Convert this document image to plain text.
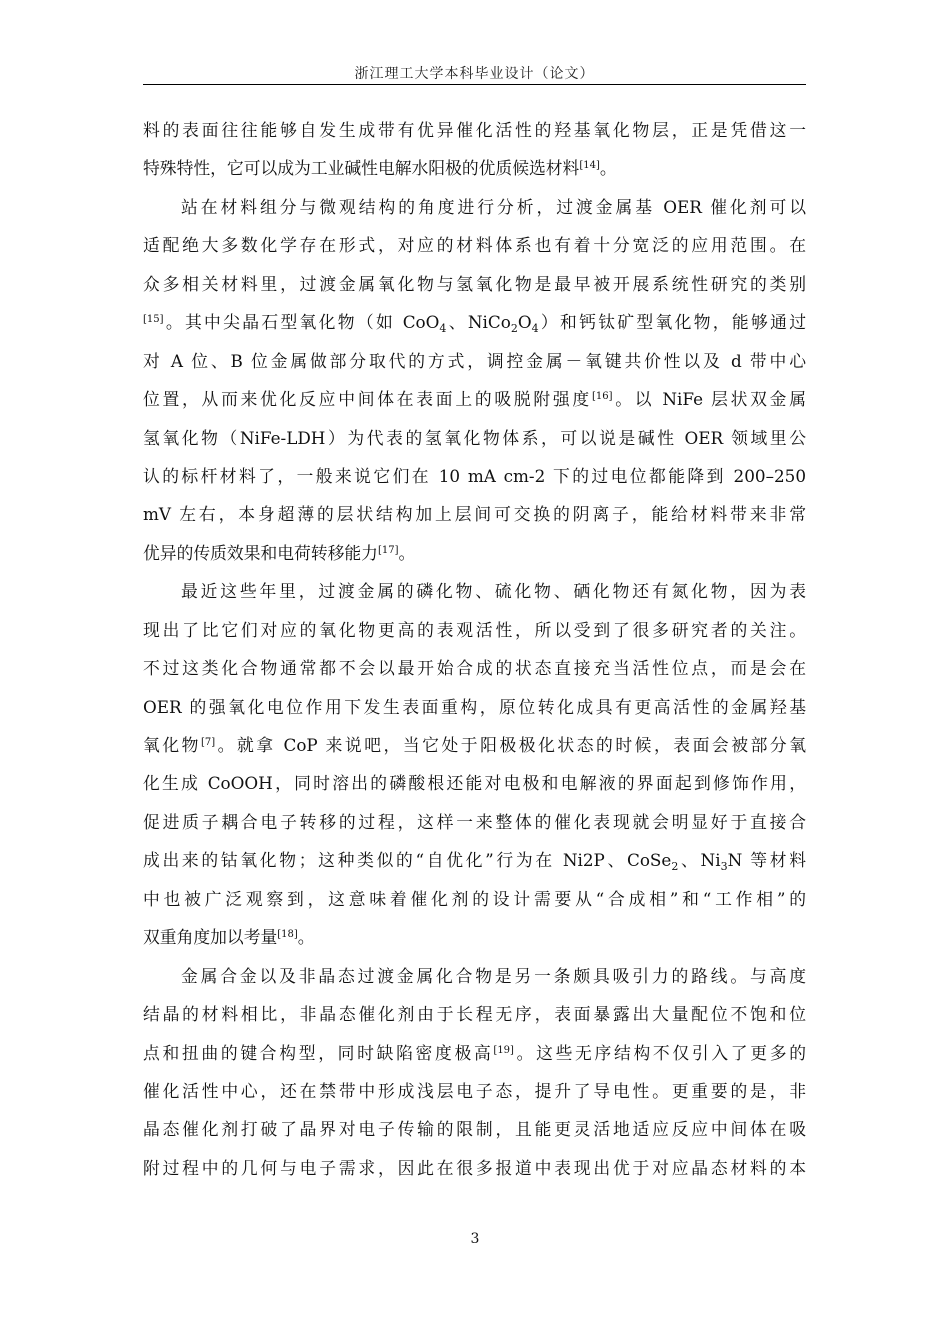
浙江理工大学本科毕业设计（论文）
料的表面往往能够自发生成带有优异催化活性的羟基氧化物层，正是凭借这一
特殊特性，它可以成为工业碱性电解水阳极的优质候选材料[14]。
站在材料组分与微观结构的角度进行分析，过渡金属基 OER 催化剂可以
适配绝大多数化学存在形式，对应的材料体系也有着十分宽泛的应用范围。在
众多相关材料里，过渡金属氧化物与氢氧化物是最早被开展系统性研究的类别
[15]。其中尖晶石型氧化物（如 CoO$_4$、$NiCo_2O_4$）和钙钛矿型氧化物，能够通过
对 A 位、B 位金属做部分取代的方式，调控金属－氧键共价性以及 d 带中心
位置，从而来优化反应中间体在表面上的吸脱附强度[16]。以 NiFe 层状双金属
氢氧化物（NiFe-LDH）为代表的氢氧化物体系，可以说是碱性 OER 领域里公
认的标杆材料了，一般来说它们在 10 mA cm-2 下的过电位都能降到 200–250
mV 左右，本身超薄的层状结构加上层间可交换的阴离子，能给材料带来非常
优异的传质效果和电荷转移能力[17]。
最近这些年里，过渡金属的磷化物、硫化物、硒化物还有氮化物，因为表
现出了比它们对应的氧化物更高的表观活性，所以受到了很多研究者的关注。
不过这类化合物通常都不会以最开始合成的状态直接充当活性位点，而是会在
OER 的强氧化电位作用下发生表面重构，原位转化成具有更高活性的金属羟基
氧化物[7]。就拿 CoP 来说吧，当它处于阳极极化状态的时候，表面会被部分氧
化生成 CoOOH，同时溶出的磷酸根还能对电极和电解液的界面起到修饰作用，
促进质子耦合电子转移的过程，这样一来整体的催化表现就会明显好于直接合
成出来的钴氧化物；这种类似的“自优化”行为在 Ni2P、CoSe$_2$、$Ni_3N$ 等材料
中也被广泛观察到，这意味着催化剂的设计需要从“合成相”和“工作相”的
双重角度加以考量[18]。
金属合金以及非晶态过渡金属化合物是另一条颇具吸引力的路线。与高度
结晶的材料相比，非晶态催化剂由于长程无序，表面暴露出大量配位不饱和位
点和扭曲的键合构型，同时缺陷密度极高[19]。这些无序结构不仅引入了更多的
催化活性中心，还在禁带中形成浅层电子态，提升了导电性。更重要的是，非
晶态催化剂打破了晶界对电子传输的限制，且能更灵活地适应反应中间体在吸
附过程中的几何与电子需求，因此在很多报道中表现出优于对应晶态材料的本
3
